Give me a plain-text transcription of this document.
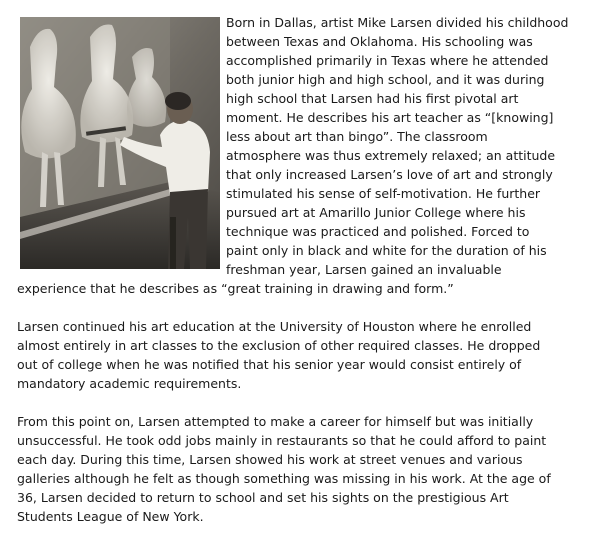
Born in Dallas, artist Mike Larsen divided his childhood
between Texas and Oklahoma. His schooling was
accomplished primarily in Texas where he attended
both junior high and high school, and it was during
high school that Larsen had his first pivotal art
moment. He describes his art teacher as “[knowing]
less about art than bingo”. The classroom
atmosphere was thus extremely relaxed; an attitude
that only increased Larsen’s love of art and strongly
stimulated his sense of self-motivation. He further
pursued art at Amarillo Junior College where his
technique was practiced and polished. Forced to
paint only in black and white for the duration of his
freshman year, Larsen gained an invaluable
experience that he describes as “great training in drawing and form.”
Larsen continued his art education at the University of Houston where he enrolled
almost entirely in art classes to the exclusion of other required classes. He dropped
out of college when he was notified that his senior year would consist entirely of
mandatory academic requirements.
From this point on, Larsen attempted to make a career for himself but was initially
unsuccessful. He took odd jobs mainly in restaurants so that he could afford to paint
each day. During this time, Larsen showed his work at street venues and various
galleries although he felt as though something was missing in his work. At the age of
36, Larsen decided to return to school and set his sights on the prestigious Art
Students League of New York.
